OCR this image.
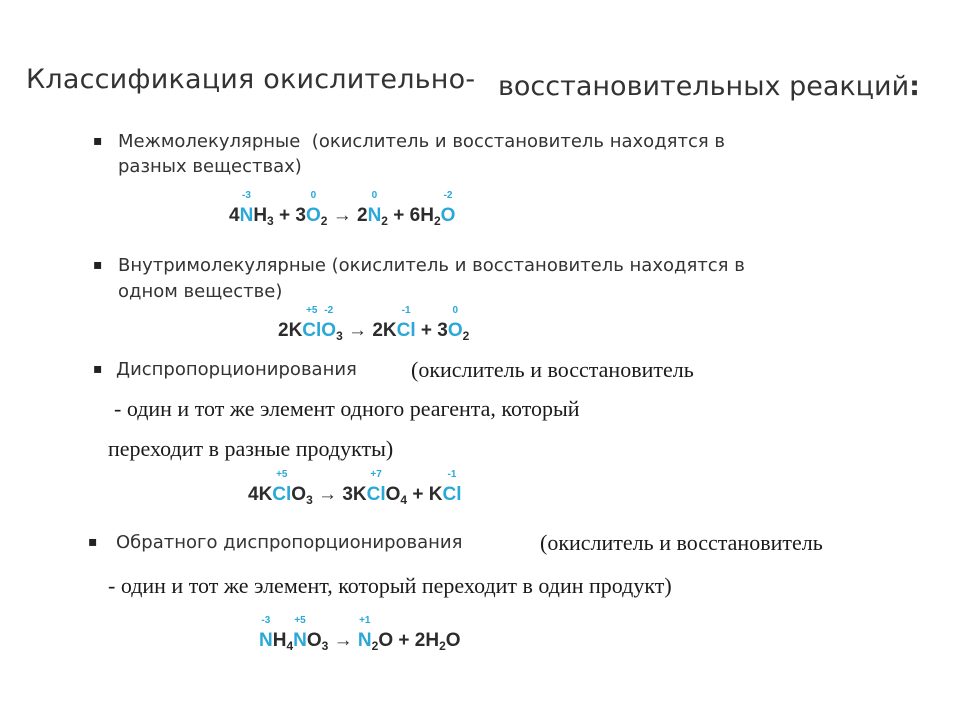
Классификация окислительно- восстановительных реакций:
▪ Межмолекулярные (окислитель и восстановитель находятся в
разных веществах)
4
-3
$NH_3 + 3$
0
$O_2 \to 2$
0
$N_2 + 6H_2$
-2
O
▪ Внутримолекулярные (окислитель и восстановитель находятся в
одном веществе)
2K
+5
Cl
-2
$O_3 \to 2K$
-1
Cl + 3
0
$O_2$
▪ Диспропорционирования (окислитель и восстановитель
- один и тот же элемент одного реагента, который
переходит в разные продукты)
4K
+5
ClO$_3$ → 3K
+7
ClO$_4$ + K
-1
Cl
▪ Обратного диспропорционирования	(окислитель и восстановитель
- один и тот же элемент, который переходит в один продукт)
-3
$NH_4$
+5
$NO_3$ →
+1
$N_2O + 2H_2O$
